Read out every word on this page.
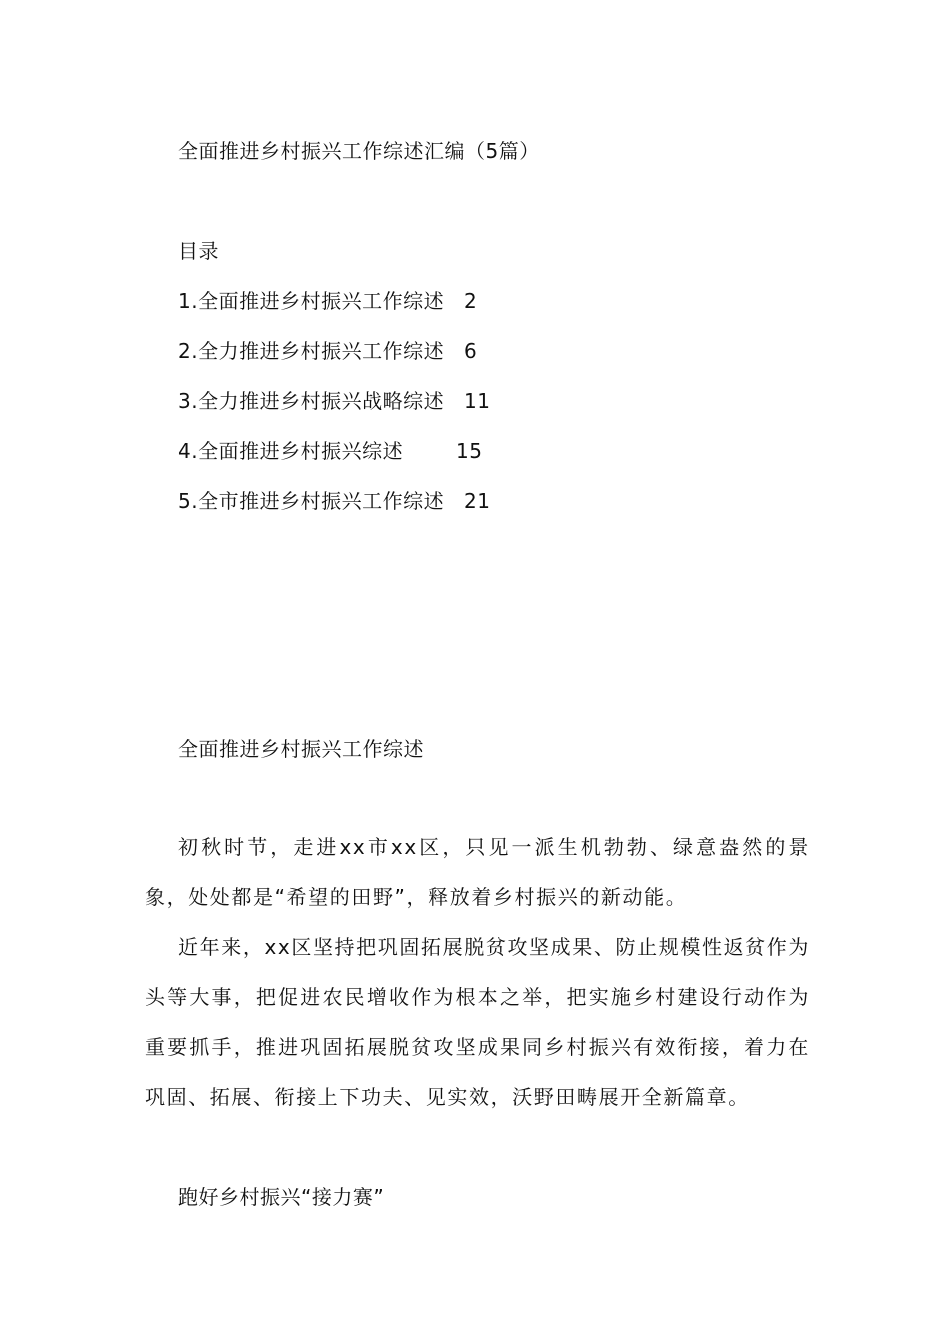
全面推进乡村振兴工作综述汇编（5篇）
目录
1.全面推进乡村振兴工作综述 2
2.全力推进乡村振兴工作综述 6
3.全力推进乡村振兴战略综述 11
4.全面推进乡村振兴综述	15
5.全市推进乡村振兴工作综述 21
全面推进乡村振兴工作综述
初秋时节，走进xx市xx区，只见一派生机勃勃、绿意盎然的景象，处处都是“希望的田野”，释放着乡村振兴的新动能。
近年来，xx区坚持把巩固拓展脱贫攻坚成果、防止规模性返贫作为头等大事，把促进农民增收作为根本之举，把实施乡村建设行动作为重要抓手，推进巩固拓展脱贫攻坚成果同乡村振兴有效衔接，着力在巩固、拓展、衔接上下功夫、见实效，沃野田畴展开全新篇章。
跑好乡村振兴“接力赛”
